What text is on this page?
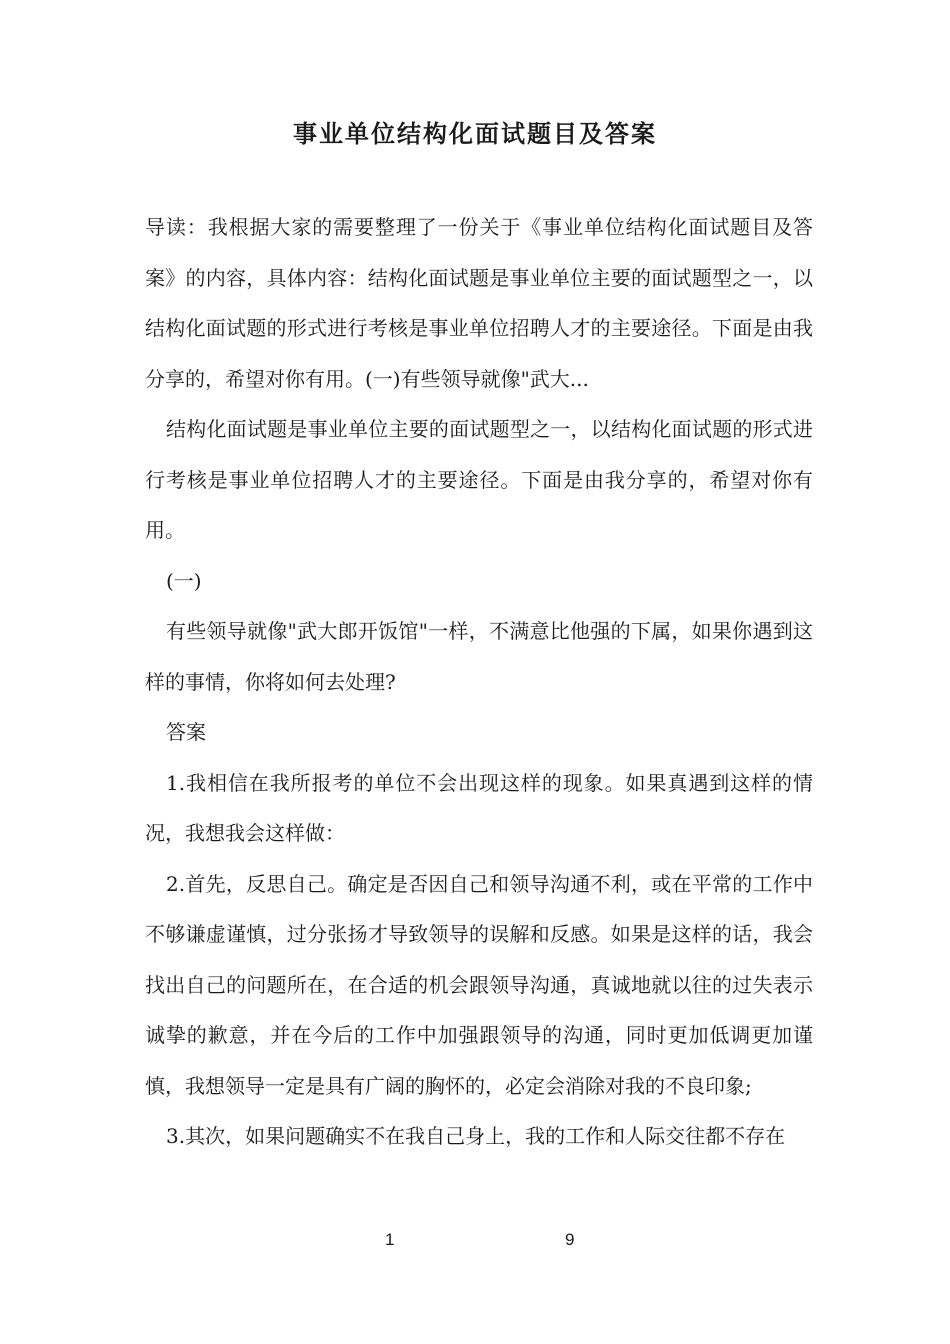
事业单位结构化面试题目及答案

导读：我根据大家的需要整理了一份关于《事业单位结构化面试题目及答案》的内容，具体内容：结构化面试题是事业单位主要的面试题型之一，以结构化面试题的形式进行考核是事业单位招聘人才的主要途径。下面是由我分享的，希望对你有用。(一)有些领导就像"武大...

结构化面试题是事业单位主要的面试题型之一，以结构化面试题的形式进行考核是事业单位招聘人才的主要途径。下面是由我分享的，希望对你有用。

(一)

有些领导就像"武大郎开饭馆"一样，不满意比他强的下属，如果你遇到这样的事情，你将如何去处理?

答案

1.我相信在我所报考的单位不会出现这样的现象。如果真遇到这样的情况，我想我会这样做：

2.首先，反思自己。确定是否因自己和领导沟通不利，或在平常的工作中不够谦虚谨慎，过分张扬才导致领导的误解和反感。如果是这样的话，我会找出自己的问题所在，在合适的机会跟领导沟通，真诚地就以往的过失表示诚挚的歉意，并在今后的工作中加强跟领导的沟通，同时更加低调更加谨慎，我想领导一定是具有广阔的胸怀的，必定会消除对我的不良印象;

3.其次，如果问题确实不在我自己身上，我的工作和人际交往都不存在

1	9
